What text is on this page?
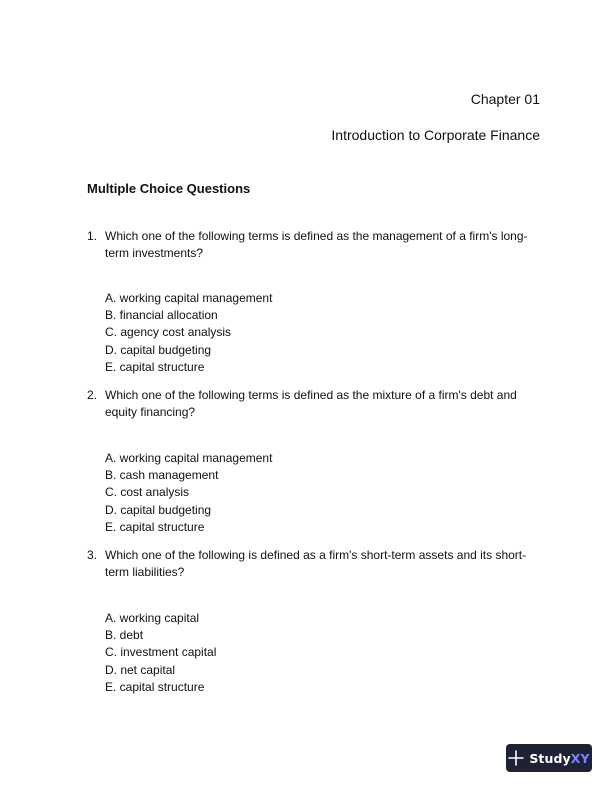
Chapter 01
Introduction to Corporate Finance
Multiple Choice Questions
1. Which one of the following terms is defined as the management of a firm's long-term investments?
A. working capital management
B. financial allocation
C. agency cost analysis
D. capital budgeting
E. capital structure
2. Which one of the following terms is defined as the mixture of a firm's debt and equity financing?
A. working capital management
B. cash management
C. cost analysis
D. capital budgeting
E. capital structure
3. Which one of the following is defined as a firm's short-term assets and its short-term liabilities?
A. working capital
B. debt
C. investment capital
D. net capital
E. capital structure
StudyXY
